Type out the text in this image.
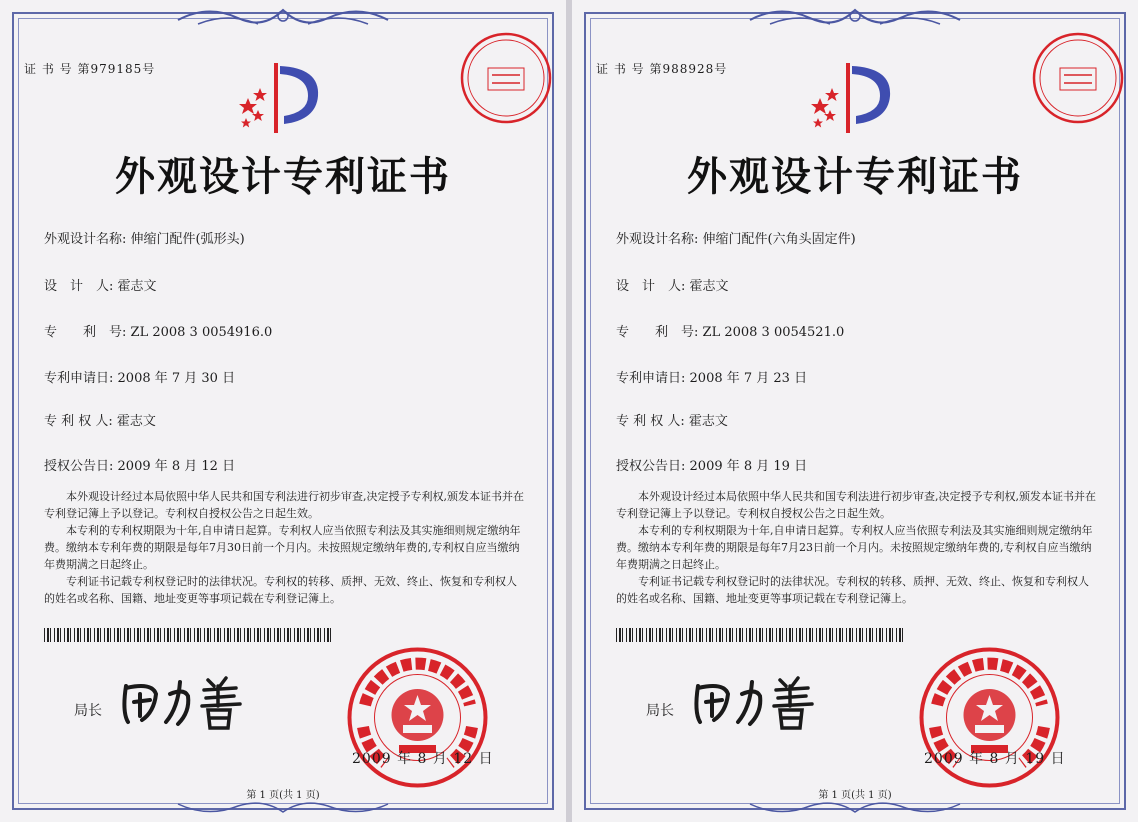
证 书 号 第979185号
外观设计专利证书
外观设计名称: 伸缩门配件(弧形头)
设　计　人: 霍志文
专　　利　号: ZL 2008 3 0054916.0
专利申请日: 2008 年 7 月 30 日
专 利 权 人: 霍志文
授权公告日: 2009 年 8 月 12 日

本外观设计经过本局依照中华人民共和国专利法进行初步审查,决定授予专利权,颁发本证书并在专利登记簿上予以登记。专利权自授权公告之日起生效。

本专利的专利权期限为十年,自申请日起算。专利权人应当依照专利法及其实施细则规定缴纳年费。缴纳本专利年费的期限是每年7月30日前一个月内。未按照规定缴纳年费的,专利权自应当缴纳年费期满之日起终止。

专利证书记载专利权登记时的法律状况。专利权的转移、质押、无效、终止、恢复和专利权人的姓名或名称、国籍、地址变更等事项记载在专利登记簿上。

局长
2009 年 8 月 12 日
第 1 页(共 1 页)
证 书 号 第988928号
外观设计专利证书
外观设计名称: 伸缩门配件(六角头固定件)
设　计　人: 霍志文
专　　利　号: ZL 2008 3 0054521.0
专利申请日: 2008 年 7 月 23 日
专 利 权 人: 霍志文
授权公告日: 2009 年 8 月 19 日

本外观设计经过本局依照中华人民共和国专利法进行初步审查,决定授予专利权,颁发本证书并在专利登记簿上予以登记。专利权自授权公告之日起生效。

本专利的专利权期限为十年,自申请日起算。专利权人应当依照专利法及其实施细则规定缴纳年费。缴纳本专利年费的期限是每年7月23日前一个月内。未按照规定缴纳年费的,专利权自应当缴纳年费期满之日起终止。

专利证书记载专利权登记时的法律状况。专利权的转移、质押、无效、终止、恢复和专利权人的姓名或名称、国籍、地址变更等事项记载在专利登记簿上。

局长
2009 年 8 月 19 日
第 1 页(共 1 页)
